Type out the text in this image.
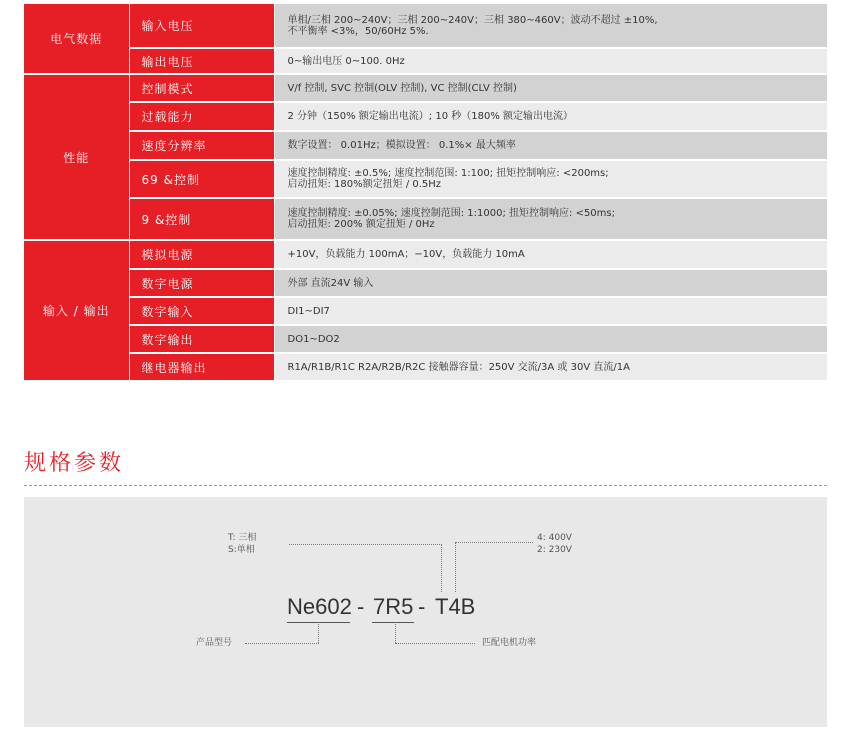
电气数据	输入电压	单相/三相 200~240V；三相 200~240V；三相 380~460V；波动不超过 ±10%,
不平衡率 <3%，50/60Hz 5%.

	输出电压	0~输出电压 0~100. 0Hz

性能	控制模式	V/f 控制, SVC 控制(OLV 控制), VC 控制(CLV 控制)

	过载能力	2 分钟（150% 额定输出电流）; 10 秒（180% 额定输出电流）

	速度分辨率	数字设置： 0.01Hz；模拟设置： 0.1%× 最大频率

	69 &控制	速度控制精度: ±0.5%; 速度控制范围: 1:100; 扭矩控制响应: <200ms;
启动扭矩: 180%额定扭矩 / 0.5Hz

	9 &控制	速度控制精度: ±0.05%; 速度控制范围: 1:1000; 扭矩控制响应: <50ms;
启动扭矩: 200% 额定扭矩 / 0Hz

输入 / 输出	模拟电源	+10V，负载能力 100mA；−10V，负载能力 10mA

	数字电源	外部 直流24V 输入

	数字输入	DI1~DI7

	数字输出	DO1~DO2

	继电器输出	R1A/R1B/R1C R2A/R2B/R2C 接触器容量：250V 交流/3A 或 30V 直流/1A
规格参数
T: 三相
S:单相
4: 400V
2: 230V
Ne602 - 7R5 - T4B
产品型号	匹配电机功率
